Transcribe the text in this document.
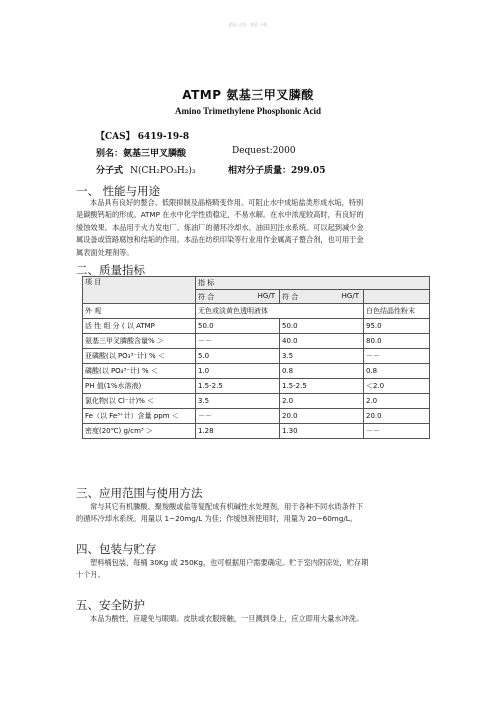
精品 文档 · 欢迎 下载
ATMP 氨基三甲叉膦酸
Amino Trimethylene Phosphonic Acid
【CAS】 6419-19-8
别名：氨基三甲叉膦酸	Dequest:2000
分子式 N(CH₂PO₃H₂)₃	相对分子质量：299.05
一、 性能与用途

本品具有良好的螯合、低限抑制及晶格畸变作用。可阻止水中成垢盐类形成水垢，特别

是碳酸钙垢的形成。ATMP 在水中化学性质稳定，不易水解。在水中浓度较高时，有良好的

缓蚀效果。本品用于火力发电厂、炼油厂的循环冷却水、油田回注水系统。可以起到减少金

属设备或管路腐蚀和结垢的作用。本品在纺织印染等行业用作金属离子螯合剂，也可用于金

属表面处理剂等。

二、质量指标
项 目	指 标		

	符 合 HG/T	符 合 HG/T	

外 观	无色或淡黄色透明液体		白色结晶性粉末
活 性 组 分 ( 以 ATMP	50.0	50.0	95.0
氨基三甲叉膦酸含量% ＞	－－	40.0	80.0
亚磷酸(以 PO₃³⁻计) % ＜	5.0	3.5	－－
磷酸(以 PO₄³⁻计) % ＜	1.0	0.8	0.8
PH 值(1%水溶液)	1.5-2.5	1.5-2.5	＜2.0
氯化物(以 Cl⁻计)% ＜	3.5	2.0	2.0
Fe（以 Fe³⁺计）含量 ppm ＜	－－	20.0	20.0
密度(20℃) g/cm³ ＞	1.28	1.30	－－
三、应用范围与使用方法

常与其它有机膦酸、聚羧酸或盐等复配成有机碱性水处理剂，用于各种不同水质条件下

的循环冷却水系统。用量以 1~20mg/L 为佳；作缓蚀剂使用时，用量为 20~60mg/L。

四、包装与贮存

塑料桶包装，每桶 30Kg 或 250Kg，也可根据用户需要确定。贮于室内阴凉处，贮存期

十个月。

五、安全防护

本品为酸性，应避免与眼睛、皮肤或衣服接触，一旦溅到身上，应立即用大量水冲洗。
